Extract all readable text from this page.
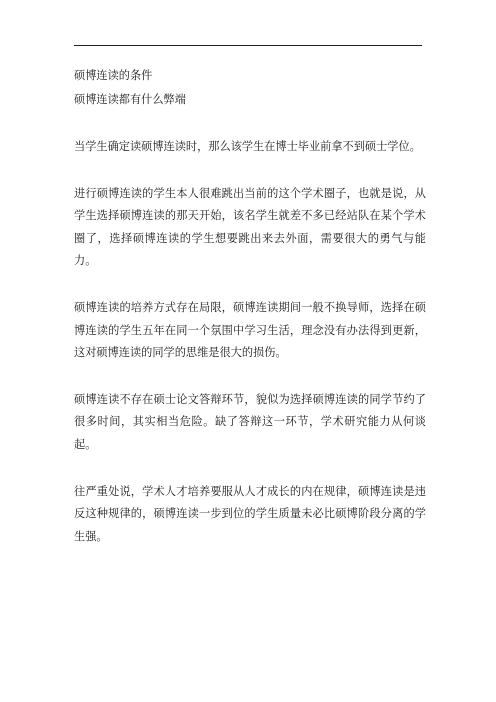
硕博连读的条件

硕博连读都有什么弊端

当学生确定读硕博连读时，那么该学生在博士毕业前拿不到硕士学位。

进行硕博连读的学生本人很难跳出当前的这个学术圈子，也就是说，从学生选择硕博连读的那天开始，该名学生就差不多已经站队在某个学术圈了，选择硕博连读的学生想要跳出来去外面，需要很大的勇气与能力。

硕博连读的培养方式存在局限，硕博连读期间一般不换导师，选择在硕博连读的学生五年在同一个氛围中学习生活，理念没有办法得到更新，这对硕博连读的同学的思维是很大的损伤。

硕博连读不存在硕士论文答辩环节，貌似为选择硕博连读的同学节约了很多时间，其实相当危险。缺了答辩这一环节，学术研究能力从何谈起。

往严重处说，学术人才培养要服从人才成长的内在规律，硕博连读是违反这种规律的，硕博连读一步到位的学生质量未必比硕博阶段分离的学生强。
